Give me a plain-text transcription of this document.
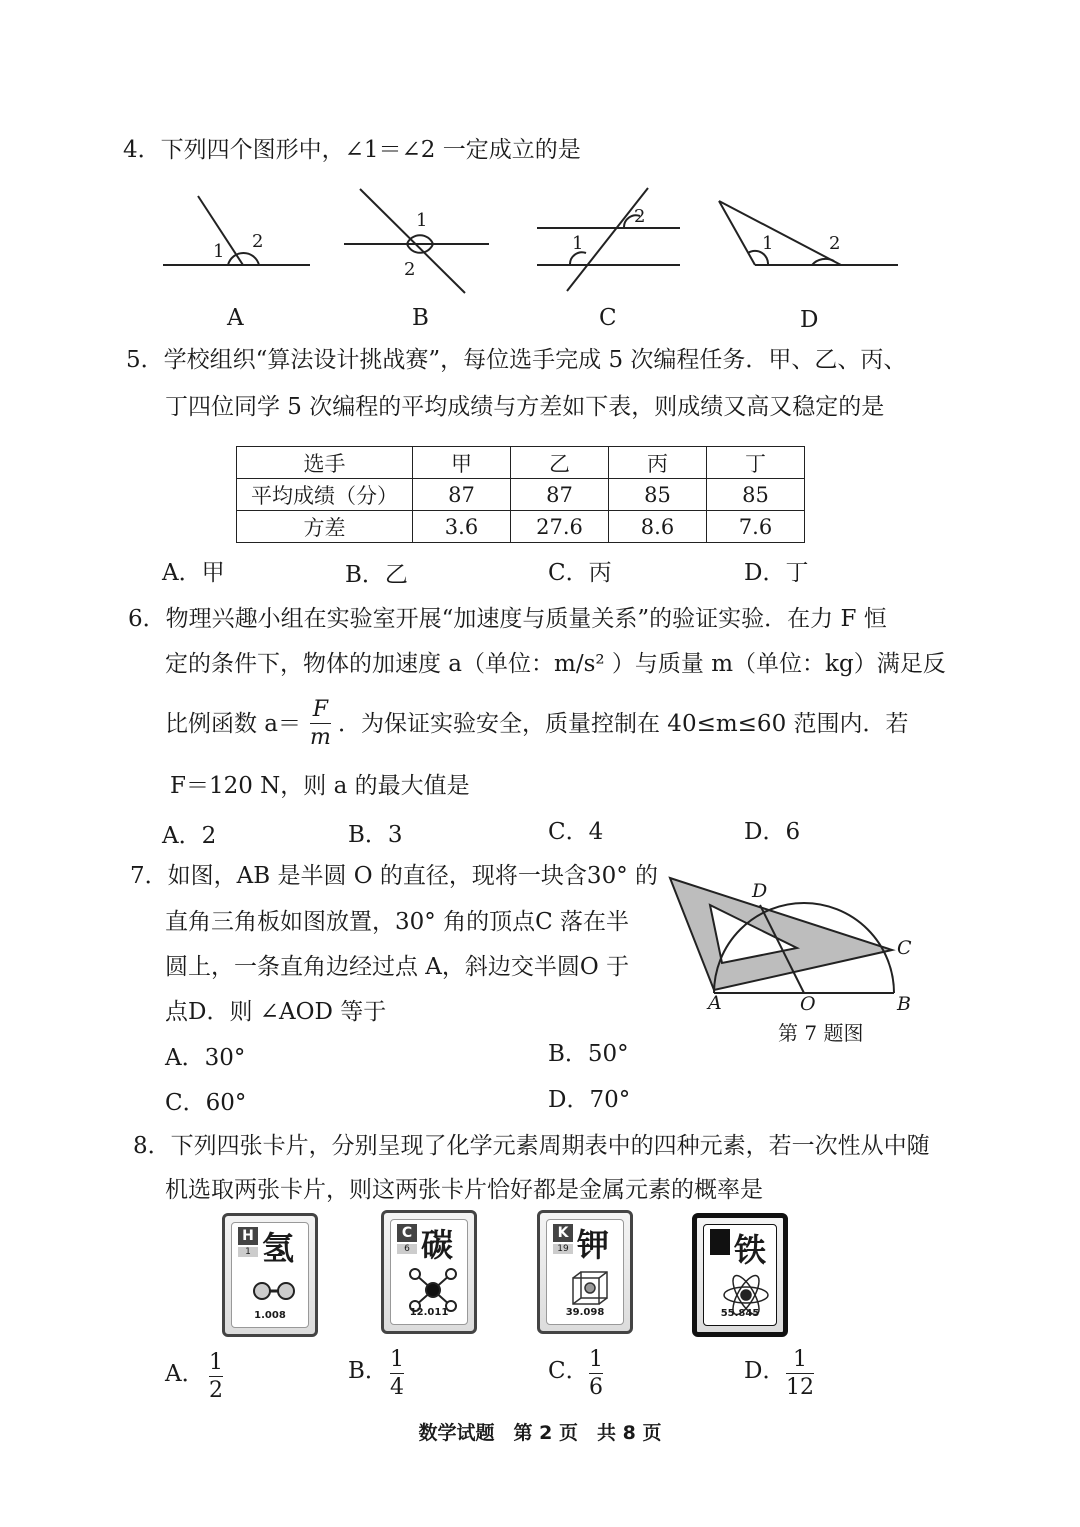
4．下列四个图形中，∠1＝∠2 一定成立的是
1 2
1
2
1
2
1	2
A	B	C	D
5．学校组织“算法设计挑战赛”，每位选手完成 5 次编程任务．甲、乙、丙、
丁四位同学 5 次编程的平均成绩与方差如下表，则成绩又高又稳定的是
选手	甲	乙	丙	丁
平均成绩（分）	87	87	85	85
方差	3.6	27.6	8.6	7.6
A．甲	B．乙	C．丙	D．丁
6．物理兴趣小组在实验室开展“加速度与质量关系”的验证实验．在力 F 恒
定的条件下，物体的加速度 a（单位：m/s² ）与质量 m（单位：kg）满足反
比例函数 a＝
F
m
．为保证实验安全，质量控制在 40≤m≤60 范围内．若
F＝120 N，则 a 的最大值是
A．2	B．3	C．4	D．6
7．如图，AB 是半圆 O 的直径，现将一块含30° 的
直角三角板如图放置，30° 角的顶点C 落在半
圆上，一条直角边经过点 A，斜边交半圆O 于
点D．则 ∠AOD 等于
D
C
A	O	B
第 7 题图
A．30°	B．50°
C．60°	D．70°
8．下列四张卡片，分别呈现了化学元素周期表中的四种元素，若一次性从中随
机选取两张卡片，则这两张卡片恰好都是金属元素的概率是
H
1 氢
1.008
C
6 碳
12.011
K
19 钾
39.098
铁
55.845
A． 1
2
B． 1
4
C． 1
6
D． 1
12
数学试题　第 2 页　共 8 页
